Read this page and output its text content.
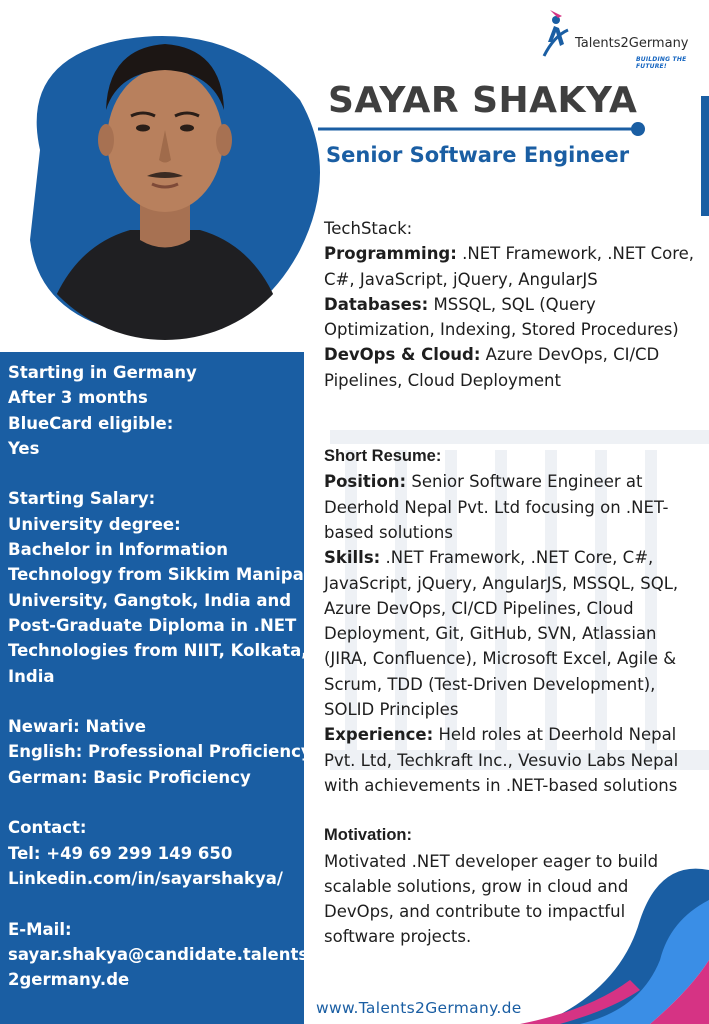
Talents2Germany
BUILDING THE FUTURE!
SAYAR SHAKYA
Senior Software Engineer

Starting in Germany:

After 3 months

BlueCard eligible:

Yes

Starting Salary:

University degree:

Bachelor in Information

Technology from Sikkim Manipal

University, Gangtok, India and

Post-Graduate Diploma in .NET

Technologies from NIIT, Kolkata,

India

Newari: Native

English: Professional Proficiency

German: Basic Proficiency

Contact:

Tel: +49 69 299 149 650

Linkedin.com/in/sayarshakya/

E-Mail:

sayar.shakya@candidate.talents

2germany.de

TechStack:

Programming: .NET Framework, .NET Core,

C#, JavaScript, jQuery, AngularJS

Databases: MSSQL, SQL (Query

Optimization, Indexing, Stored Procedures)

DevOps & Cloud: Azure DevOps, CI/CD

Pipelines, Cloud Deployment

Short Resume:

Position: Senior Software Engineer at

Deerhold Nepal Pvt. Ltd focusing on .NET-

based solutions

Skills: .NET Framework, .NET Core, C#,

JavaScript, jQuery, AngularJS, MSSQL, SQL,

Azure DevOps, CI/CD Pipelines, Cloud

Deployment, Git, GitHub, SVN, Atlassian

(JIRA, Confluence), Microsoft Excel, Agile &

Scrum, TDD (Test-Driven Development),

SOLID Principles

Experience: Held roles at Deerhold Nepal

Pvt. Ltd, Techkraft Inc., Vesuvio Labs Nepal

with achievements in .NET-based solutions

Motivation:

Motivated .NET developer eager to build

scalable solutions, grow in cloud and

DevOps, and contribute to impactful

software projects.

www.Talents2Germany.de
